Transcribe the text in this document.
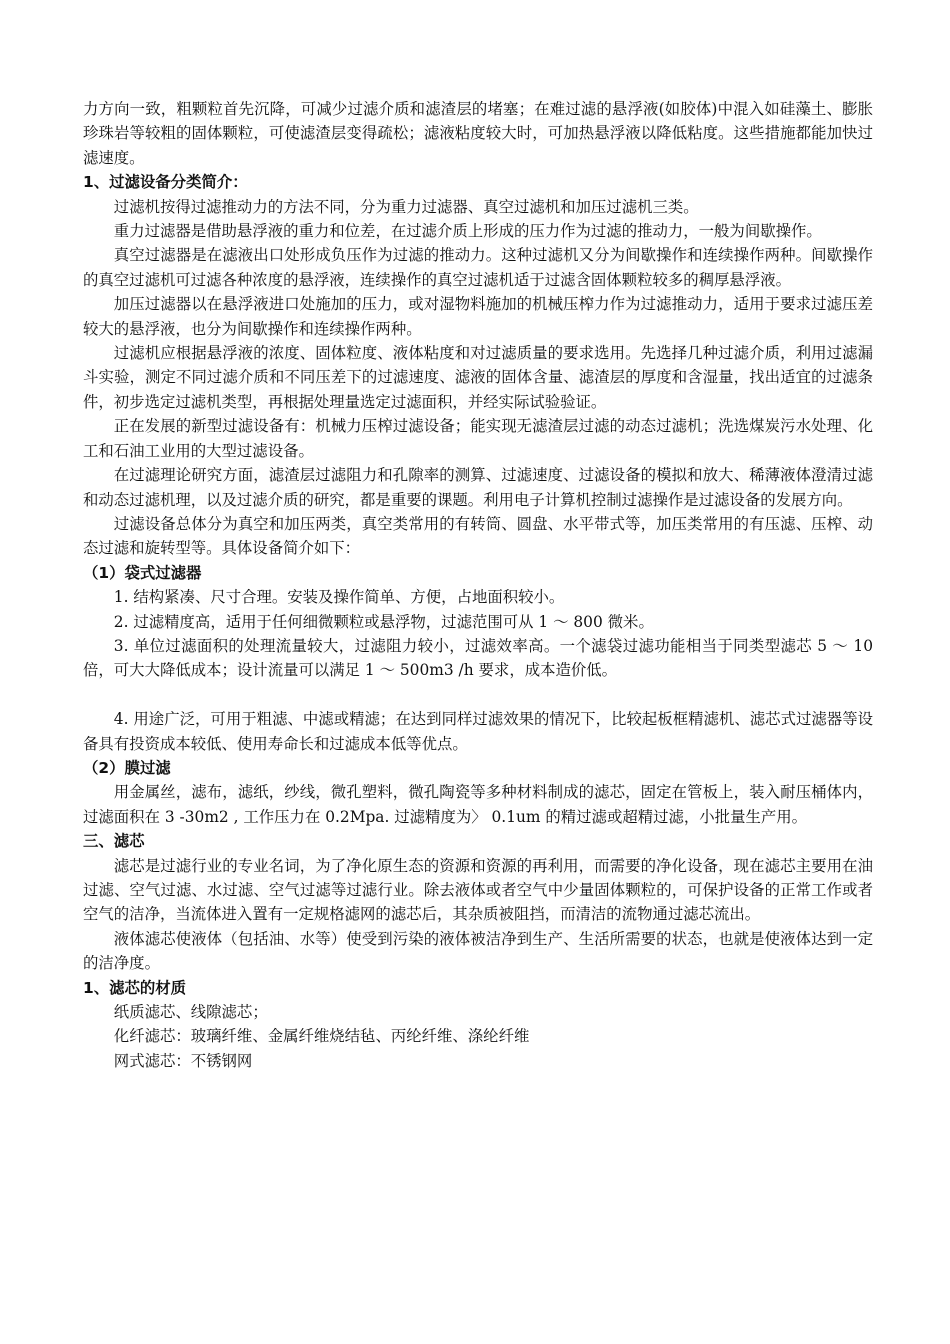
力方向一致，粗颗粒首先沉降，可减少过滤介质和滤渣层的堵塞；在难过滤的悬浮液(如胶体)中混入如硅藻土、膨胀珍珠岩等较粗的固体颗粒，可使滤渣层变得疏松；滤液粘度较大时，可加热悬浮液以降低粘度。这些措施都能加快过滤速度。

1、过滤设备分类简介：

过滤机按得过滤推动力的方法不同，分为重力过滤器、真空过滤机和加压过滤机三类。

重力过滤器是借助悬浮液的重力和位差，在过滤介质上形成的压力作为过滤的推动力，一般为间歇操作。

真空过滤器是在滤液出口处形成负压作为过滤的推动力。这种过滤机又分为间歇操作和连续操作两种。间歇操作的真空过滤机可过滤各种浓度的悬浮液，连续操作的真空过滤机适于过滤含固体颗粒较多的稠厚悬浮液。

加压过滤器以在悬浮液进口处施加的压力，或对湿物料施加的机械压榨力作为过滤推动力，适用于要求过滤压差较大的悬浮液，也分为间歇操作和连续操作两种。

过滤机应根据悬浮液的浓度、固体粒度、液体粘度和对过滤质量的要求选用。先选择几种过滤介质，利用过滤漏斗实验，测定不同过滤介质和不同压差下的过滤速度、滤液的固体含量、滤渣层的厚度和含湿量，找出适宜的过滤条件，初步选定过滤机类型，再根据处理量选定过滤面积，并经实际试验验证。

正在发展的新型过滤设备有：机械力压榨过滤设备；能实现无滤渣层过滤的动态过滤机；洗选煤炭污水处理、化工和石油工业用的大型过滤设备。

在过滤理论研究方面，滤渣层过滤阻力和孔隙率的测算、过滤速度、过滤设备的模拟和放大、稀薄液体澄清过滤和动态过滤机理，以及过滤介质的研究，都是重要的课题。利用电子计算机控制过滤操作是过滤设备的发展方向。

过滤设备总体分为真空和加压两类，真空类常用的有转筒、圆盘、水平带式等，加压类常用的有压滤、压榨、动态过滤和旋转型等。具体设备简介如下：

（1）袋式过滤器

1. 结构紧凑、尺寸合理。安装及操作简单、方便，占地面积较小。

2. 过滤精度高，适用于任何细微颗粒或悬浮物，过滤范围可从 1 ～ 800 微米。

3. 单位过滤面积的处理流量较大，过滤阻力较小，过滤效率高。一个滤袋过滤功能相当于同类型滤芯 5 ～ 10 倍，可大大降低成本；设计流量可以满足 1 ～ 500m3 /h 要求，成本造价低。

4. 用途广泛，可用于粗滤、中滤或精滤；在达到同样过滤效果的情况下，比较起板框精滤机、滤芯式过滤器等设备具有投资成本较低、使用寿命长和过滤成本低等优点。

（2）膜过滤

用金属丝，滤布，滤纸，纱线，微孔塑料，微孔陶瓷等多种材料制成的滤芯，固定在管板上，装入耐压桶体内，过滤面积在 3 -30m2 , 工作压力在 0.2Mpa. 过滤精度为〉 0.1um 的精过滤或超精过滤，小批量生产用。

三、滤芯

滤芯是过滤行业的专业名词，为了净化原生态的资源和资源的再利用，而需要的净化设备，现在滤芯主要用在油过滤、空气过滤、水过滤、空气过滤等过滤行业。除去液体或者空气中少量固体颗粒的，可保护设备的正常工作或者空气的洁净，当流体进入置有一定规格滤网的滤芯后，其杂质被阻挡，而清洁的流物通过滤芯流出。

液体滤芯使液体（包括油、水等）使受到污染的液体被洁净到生产、生活所需要的状态，也就是使液体达到一定的洁净度。

1、滤芯的材质

纸质滤芯、线隙滤芯；

化纤滤芯：玻璃纤维、金属纤维烧结毡、丙纶纤维、涤纶纤维

网式滤芯：不锈钢网
